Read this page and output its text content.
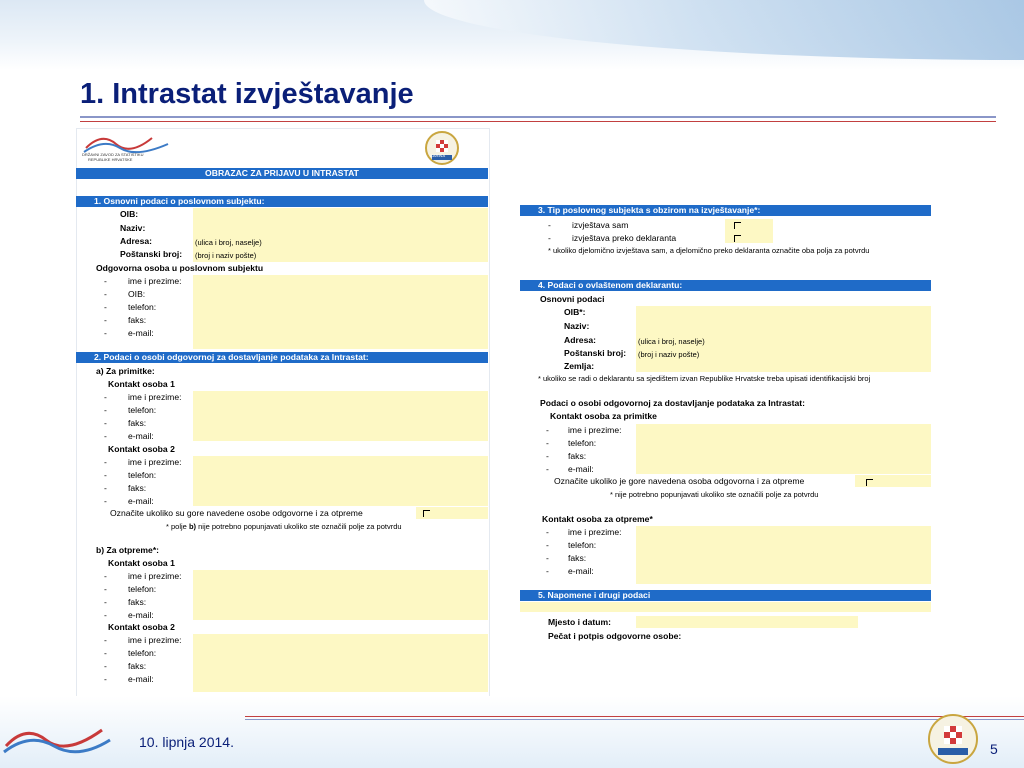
1. Intrastat izvještavanje
DRŽAVNI ZAVOD ZA STATISTIKU
REPUBLIKE HRVATSKE
CARINA
OBRAZAC ZA PRIJAVU U INTRASTAT
1. Osnovni podaci o poslovnom subjektu:
OIB:
Naziv:
Adresa:	(ulica i broj, naselje)
Poštanski broj: (broj i naziv pošte)
Odgovorna osoba u poslovnom subjektu
- ime i prezime:
- OIB:
- telefon:
- faks:
- e-mail:
2. Podaci o osobi odgovornoj za dostavljanje podataka za Intrastat:
a) Za primitke:
Kontakt osoba 1
- ime i prezime:
- telefon:
- faks:
- e-mail:
Kontakt osoba 2
- ime i prezime:
- telefon:
- faks:
- e-mail:
Označite ukoliko su gore navedene osobe odgovorne i za otpreme
* polje b) nije potrebno popunjavati ukoliko ste označili polje za potvrdu
b) Za otpreme*:
Kontakt osoba 1
- ime i prezime:
- telefon:
- faks:
- e-mail:
Kontakt osoba 2
- ime i prezime:
- telefon:
- faks:
- e-mail:
3. Tip poslovnog subjekta s obzirom na izvještavanje*:
- izvještava sam
- izvještava preko deklaranta
* ukoliko djelomično izvještava sam, a djelomično preko deklaranta označite oba polja za potvrdu
4. Podaci o ovlaštenom deklarantu:
Osnovni podaci
OIB*:
Naziv:
Adresa:	(ulica i broj, naselje)
Poštanski broj: (broj i naziv pošte)
Zemlja:
* ukoliko se radi o deklarantu sa sjedištem izvan Republike Hrvatske treba upisati identifikacijski broj
Podaci o osobi odgovornoj za dostavljanje podataka za Intrastat:
Kontakt osoba za primitke
- ime i prezime:
- telefon:
- faks:
- e-mail:
Označite ukoliko je gore navedena osoba odgovorna i za otpreme
* nije potrebno popunjavati ukoliko ste označili polje za potvrdu
Kontakt osoba za otpreme*
- ime i prezime:
- telefon:
- faks:
- e-mail:
5. Napomene i drugi podaci
Mjesto i datum:
Pečat i potpis odgovorne osobe:
10. lipnja 2014.	5
